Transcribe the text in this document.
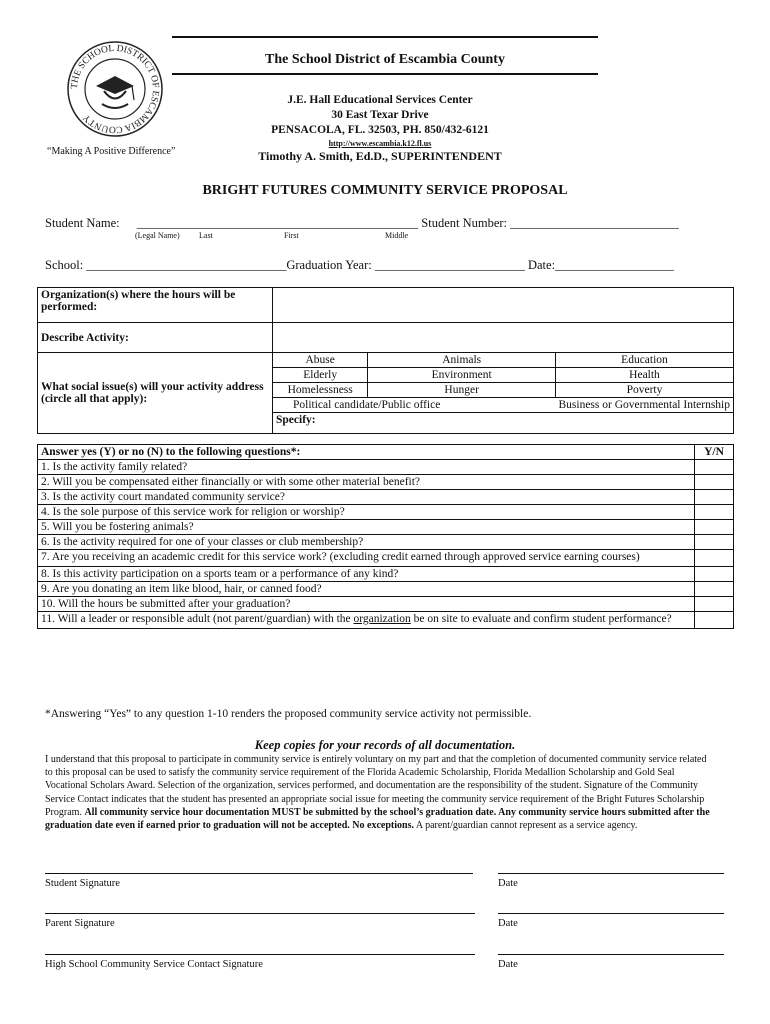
THE SCHOOL DISTRICT OF ESCAMBIA COUNTY
The School District of Escambia County
J.E. Hall Educational Services Center
30 East Texar Drive
PENSACOLA, FL. 32503, PH. 850/432-6121
http://www.escambia.k12.fl.us
Timothy A. Smith, Ed.D., SUPERINTENDENT
“Making A Positive Difference”
BRIGHT FUTURES COMMUNITY SERVICE PROPOSAL
Student Name: _____________________________________________ Student Number: ___________________________
(Legal Name) Last	First	Middle
School: ________________________________Graduation Year: ________________________ Date:___________________
Organization(s) where the hours will be performed:	
Describe Activity:	
What social issue(s) will your activity address (circle all that apply):	
Abuse	Animals	Education
Elderly	Environment	Health
Homelessness	Hunger	Poverty
Political candidate/Public office	Business or Governmental Internship
Specify:
Answer yes (Y) or no (N) to the following questions*:	Y/N
1. Is the activity family related?	
2. Will you be compensated either financially or with some other material benefit?	
3. Is the activity court mandated community service?	
4. Is the sole purpose of this service work for religion or worship?	
5. Will you be fostering animals?	
6. Is the activity required for one of your classes or club membership?	
7. Are you receiving an academic credit for this service work? (excluding credit earned through approved service earning courses)	
8. Is this activity participation on a sports team or a performance of any kind?	
9. Are you donating an item like blood, hair, or canned food?	
10. Will the hours be submitted after your graduation?	
11. Will a leader or responsible adult (not parent/guardian) with the organization be on site to evaluate and confirm student performance?	
*Answering “Yes” to any question 1-10 renders the proposed community service activity not permissible.
Keep copies for your records of all documentation.
I understand that this proposal to participate in community service is entirely voluntary on my part and that the completion of documented community service related to this proposal can be used to satisfy the community service requirement of the Florida Academic Scholarship, Florida Medallion Scholarship and Gold Seal Vocational Scholars Award. Selection of the organization, services performed, and documentation are the responsibility of the student. Signature of the Community Service Contact indicates that the student has presented an appropriate social issue for meeting the community service requirement of the Bright Futures Scholarship Program. All community service hour documentation MUST be submitted by the school’s graduation date. Any community service hours submitted after the graduation date even if earned prior to graduation will not be accepted. No exceptions. A parent/guardian cannot represent as a service agency.
Student Signature	Date
Parent Signature	Date
High School Community Service Contact Signature	Date
